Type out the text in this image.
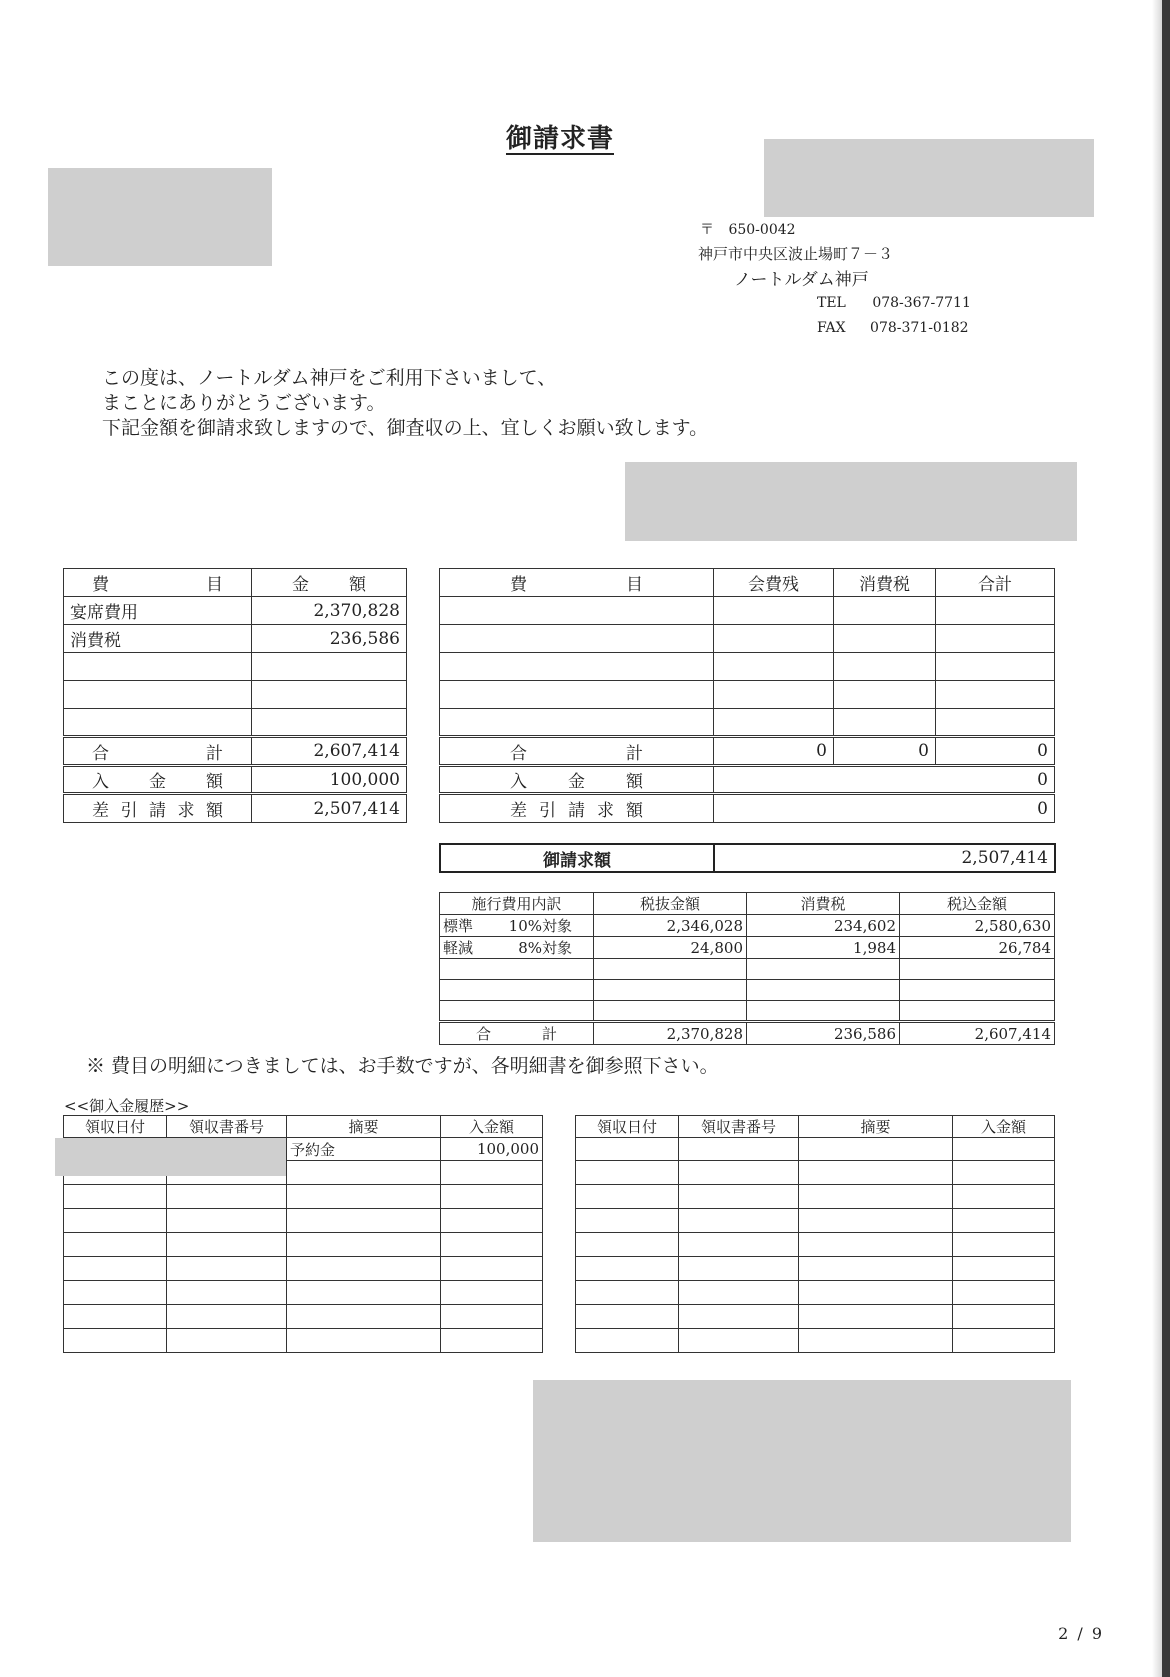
御請求書
〒 650-0042
神戸市中央区波止場町７－３
ノートルダム神戸
TEL 078-367-7711
FAX 078-371-0182
この度は、ノートルダム神戸をご利用下さいまして、
まことにありがとうございます。
下記金額を御請求致しますので、御査収の上、宜しくお願い致します。
費　　　目	金　額

宴席費用	2,370,828
消費税	236,586

合　　　計	2,607,414

入　金　額	100,000

差 引 請 求 額	2,507,414
費　　　目	会費残	消費税	合計

合　　　計	0	0	0

入　金　額	0		

差 引 請 求 額	0		
御請求額	2,507,414
施行費用内訳	税抜金額	消費税	税込金額
標準 10%対象	2,346,028	234,602	2,580,630
軽減 8%対象	24,800	1,984	26,784

合　計	2,370,828	236,586	2,607,414
※ 費目の明細につきましては、お手数ですが、各明細書を御参照下さい。
<<御入金履歴>>
領収日付	領収書番号	摘要	入金額
		予約金	100,000

領収日付	領収書番号	摘要	入金額

2 / 9
